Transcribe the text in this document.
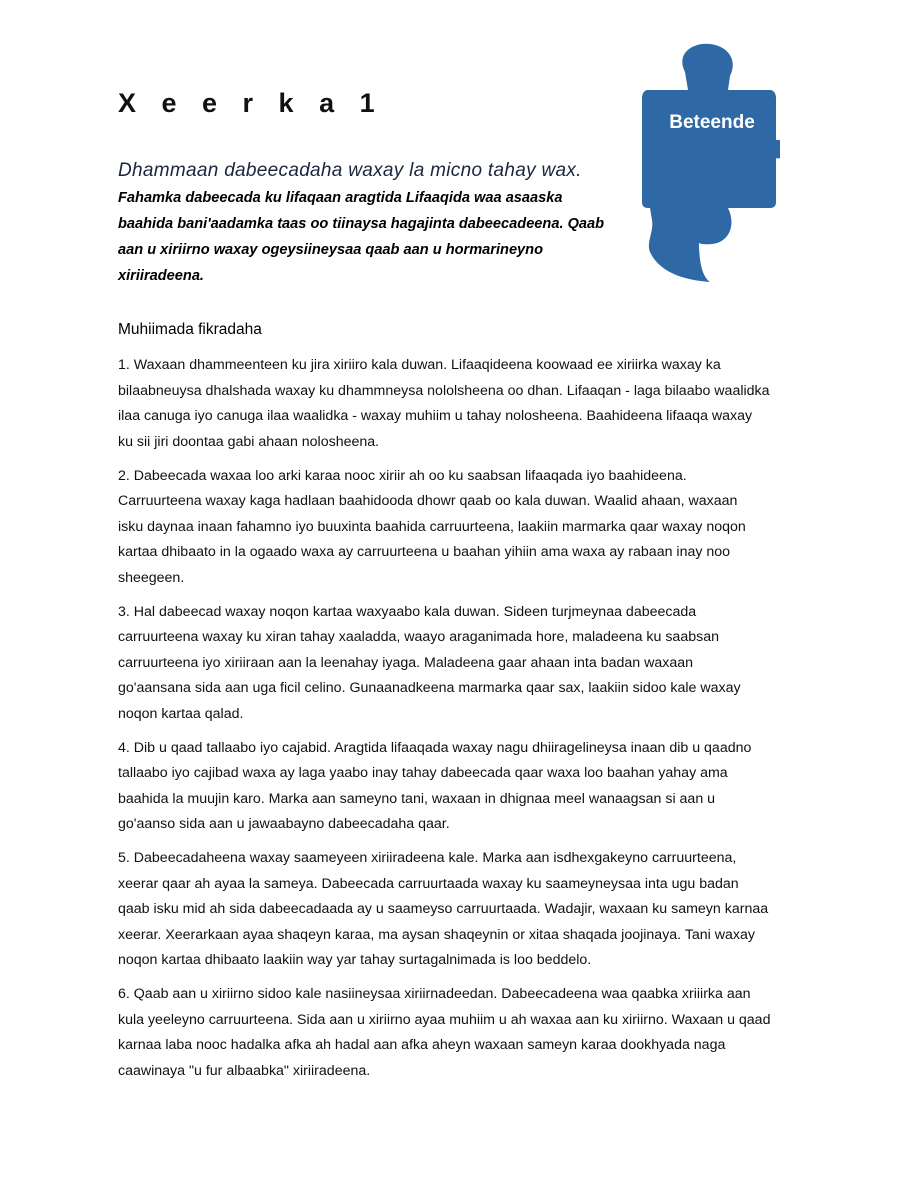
X e e r k a 1
Beteende
Dhammaan dabeecadaha waxay la micno tahay wax.
Fahamka dabeecada ku lifaqaan aragtida Lifaaqida waa asaaska
baahida bani'aadamka taas oo tiinaysa hagajinta dabeecadeena. Qaab
aan u xiriirno waxay ogeysiineysaa qaab aan u hormarineyno
xiriiradeena.
Muhiimada fikradaha
1. Waxaan dhammeenteen ku jira xiriiro kala duwan. Lifaaqideena koowaad ee xiriirka waxay ka
bilaabneuysa dhalshada waxay ku dhammneysa nololsheena oo dhan. Lifaaqan - laga bilaabo waalidka
ilaa canuga iyo canuga ilaa waalidka - waxay muhiim u tahay nolosheena. Baahideena lifaaqa waxay
ku sii jiri doontaa gabi ahaan nolosheena.
2. Dabeecada waxaa loo arki karaa nooc xiriir ah oo ku saabsan lifaaqada iyo baahideena.
Carruurteena waxay kaga hadlaan baahidooda dhowr qaab oo kala duwan. Waalid ahaan, waxaan
isku daynaa inaan fahamno iyo buuxinta baahida carruurteena, laakiin marmarka qaar waxay noqon
kartaa dhibaato in la ogaado waxa ay carruurteena u baahan yihiin ama waxa ay rabaan inay noo
sheegeen.
3. Hal dabeecad waxay noqon kartaa waxyaabo kala duwan. Sideen turjmeynaa dabeecada
carruurteena waxay ku xiran tahay xaaladda, waayo araganimada hore, maladeena ku saabsan
carruurteena iyo xiriiraan aan la leenahay iyaga. Maladeena gaar ahaan inta badan waxaan
go'aansana sida aan uga ficil celino. Gunaanadkeena marmarka qaar sax, laakiin sidoo kale waxay
noqon kartaa qalad.
4. Dib u qaad tallaabo iyo cajabid. Aragtida lifaaqada waxay nagu dhiiragelineysa inaan dib u qaadno
tallaabo iyo cajibad waxa ay laga yaabo inay tahay dabeecada qaar waxa loo baahan yahay ama
baahida la muujin karo. Marka aan sameyno tani, waxaan in dhignaa meel wanaagsan si aan u
go'aanso sida aan u jawaabayno dabeecadaha qaar.
5. Dabeecadaheena waxay saameyeen xiriiradeena kale. Marka aan isdhexgakeyno carruurteena,
xeerar qaar ah ayaa la sameya. Dabeecada carruurtaada waxay ku saameyneysaa inta ugu badan
qaab isku mid ah sida dabeecadaada ay u saameyso carruurtaada. Wadajir, waxaan ku sameyn karnaa
xeerar. Xeerarkaan ayaa shaqeyn karaa, ma aysan shaqeynin or xitaa shaqada joojinaya. Tani waxay
noqon kartaa dhibaato laakiin way yar tahay surtagalnimada is loo beddelo.
6. Qaab aan u xiriirno sidoo kale nasiineysaa xiriirnadeedan. Dabeecadeena waa qaabka xriiirka aan
kula yeeleyno carruurteena. Sida aan u xiriirno ayaa muhiim u ah waxaa aan ku xiriirno. Waxaan u qaad
karnaa laba nooc hadalka afka ah hadal aan afka aheyn waxaan sameyn karaa dookhyada naga
caawinaya "u fur albaabka" xiriiradeena.
